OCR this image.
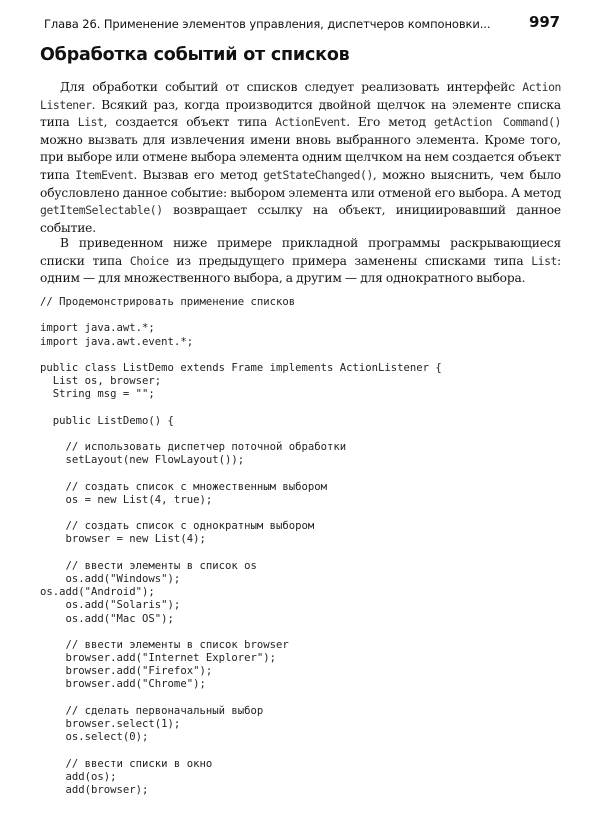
Глава 26. Применение элементов управления, диспетчеров компоновки...	997
Обработка событий от списков

Для обработки событий от списков следует реализовать интерфейс Action Listener. Всякий раз, когда производится двойной щелчок на элементе списка типа List, создается объект типа ActionEvent. Его метод getAction Command() можно вызвать для извлечения имени вновь выбранного элемента. Кроме того, при выборе или отмене выбора элемента одним щелчком на нем создается объект типа ItemEvent. Вызвав его метод getStateChanged(), можно выяснить, чем было обусловлено данное событие: выбором элемента или отменой его выбора. А метод getItemSelectable() возвращает ссылку на объект, инициировавший данное событие.

В приведенном ниже примере прикладной программы раскрывающиеся списки типа Choice из предыдущего примера заменены списками типа List: одним — для множественного выбора, а другим — для однократного выбора.

// Продемонстрировать применение списков
import java.awt.*;
import java.awt.event.*;
public class ListDemo extends Frame implements ActionListener {
List os, browser;
String msg = "";
public ListDemo() {
// использовать диспетчер поточной обработки
setLayout(new FlowLayout());
// создать список с множественным выбором
os = new List(4, true);
// создать список с однократным выбором
browser = new List(4);
// ввести элементы в список os
os.add("Windows");
os.add("Android");
os.add("Solaris");
os.add("Mac OS");
// ввести элементы в список browser
browser.add("Internet Explorer");
browser.add("Firefox");
browser.add("Chrome");
// сделать первоначальный выбор
browser.select(1);
os.select(0);
// ввести списки в окно
add(os);
add(browser);
